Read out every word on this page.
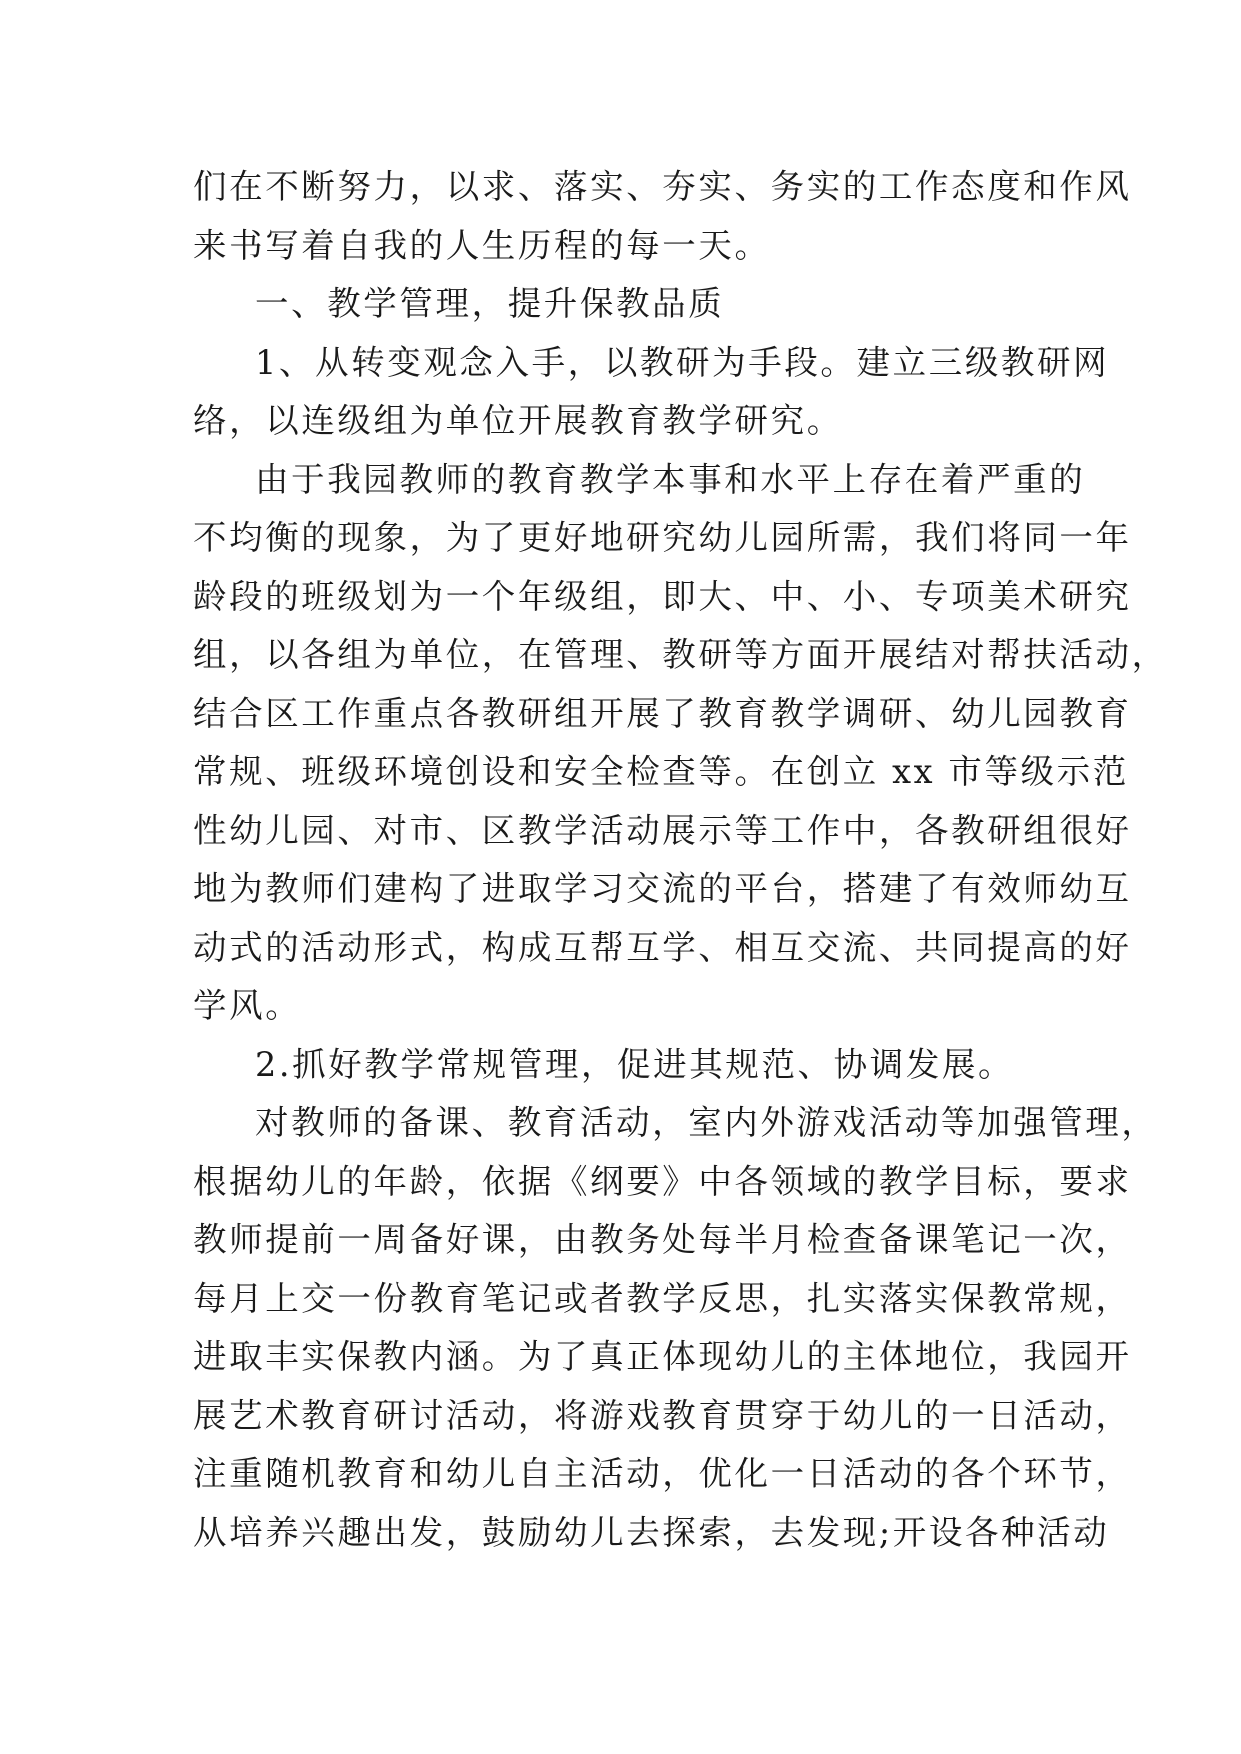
们在不断努力，以求、落实、夯实、务实的工作态度和作风
来书写着自我的人生历程的每一天。
一、教学管理，提升保教品质
1、从转变观念入手，以教研为手段。建立三级教研网
络，以连级组为单位开展教育教学研究。
由于我园教师的教育教学本事和水平上存在着严重的
不均衡的现象，为了更好地研究幼儿园所需，我们将同一年
龄段的班级划为一个年级组，即大、中、小、专项美术研究
组，以各组为单位，在管理、教研等方面开展结对帮扶活动，
结合区工作重点各教研组开展了教育教学调研、幼儿园教育
常规、班级环境创设和安全检查等。在创立 xx 市等级示范
性幼儿园、对市、区教学活动展示等工作中，各教研组很好
地为教师们建构了进取学习交流的平台，搭建了有效师幼互
动式的活动形式，构成互帮互学、相互交流、共同提高的好
学风。
2.抓好教学常规管理，促进其规范、协调发展。
对教师的备课、教育活动，室内外游戏活动等加强管理，
根据幼儿的年龄，依据《纲要》中各领域的教学目标，要求
教师提前一周备好课，由教务处每半月检查备课笔记一次，
每月上交一份教育笔记或者教学反思，扎实落实保教常规，
进取丰实保教内涵。为了真正体现幼儿的主体地位，我园开
展艺术教育研讨活动，将游戏教育贯穿于幼儿的一日活动，
注重随机教育和幼儿自主活动，优化一日活动的各个环节，
从培养兴趣出发，鼓励幼儿去探索，去发现;开设各种活动
